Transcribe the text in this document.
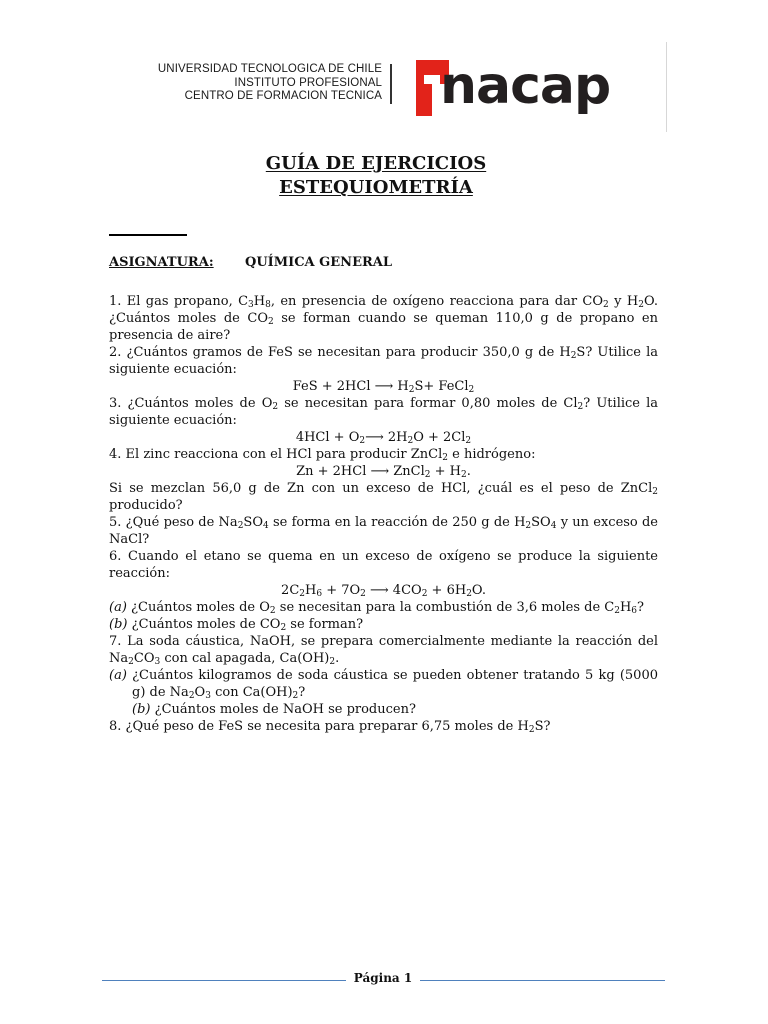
UNIVERSIDAD TECNOLOGICA DE CHILE
INSTITUTO PROFESIONAL
CENTRO DE FORMACION TECNICA nacap
GUÍA DE EJERCICIOS
ESTEQUIOMETRÍA
ASIGNATURA: QUÍMICA GENERAL

1. El gas propano, $C_3H_8$, en presencia de oxígeno reacciona para dar $CO_2$ y $H_2O$. ¿Cuántos moles de $CO_2$ se forman cuando se queman 110,0 g de propano en presencia de aire?

2. ¿Cuántos gramos de FeS se necesitan para producir 350,0 g de $H_2S$? Utilice la siguiente ecuación:

FeS + 2HCl ⟶ $H_2S+$ FeCl$_2$

3. ¿Cuántos moles de $O_2$ se necesitan para formar 0,80 moles de $Cl_2$? Utilice la siguiente ecuación:

$4HCl + O_2⟶$ $2H_2O + 2Cl_2$

4. El zinc reacciona con el HCl para producir ZnCl$_2$ e hidrógeno:

Zn + 2HCl ⟶ ZnCl$_2$ + $H_2$.

Si se mezclan 56,0 g de Zn con un exceso de HCl, ¿cuál es el peso de ZnCl$_2$ producido?

5. ¿Qué peso de $Na_2SO_4$ se forma en la reacción de 250 g de $H_2SO_4$ y un exceso de NaCl?

6. Cuando el etano se quema en un exceso de oxígeno se produce la siguiente reacción:

$2C_2H_6 + 7O_2$ ⟶ $4CO_2 + 6H_2O$.

(a) ¿Cuántos moles de $O_2$ se necesitan para la combustión de 3,6 moles de $C_2H_6$?

(b) ¿Cuántos moles de $CO_2$ se forman?

7. La soda cáustica, NaOH, se prepara comercialmente mediante la reacción del $Na_2CO_3$ con cal apagada, $Ca(OH)_2$.

(a) ¿Cuántos kilogramos de soda cáustica se pueden obtener tratando 5 kg (5000 g) de $Na_2O_3$ con $Ca(OH)_2$?

(b) ¿Cuántos moles de NaOH se producen?

8. ¿Qué peso de FeS se necesita para preparar 6,75 moles de $H_2S$?

Página 1
